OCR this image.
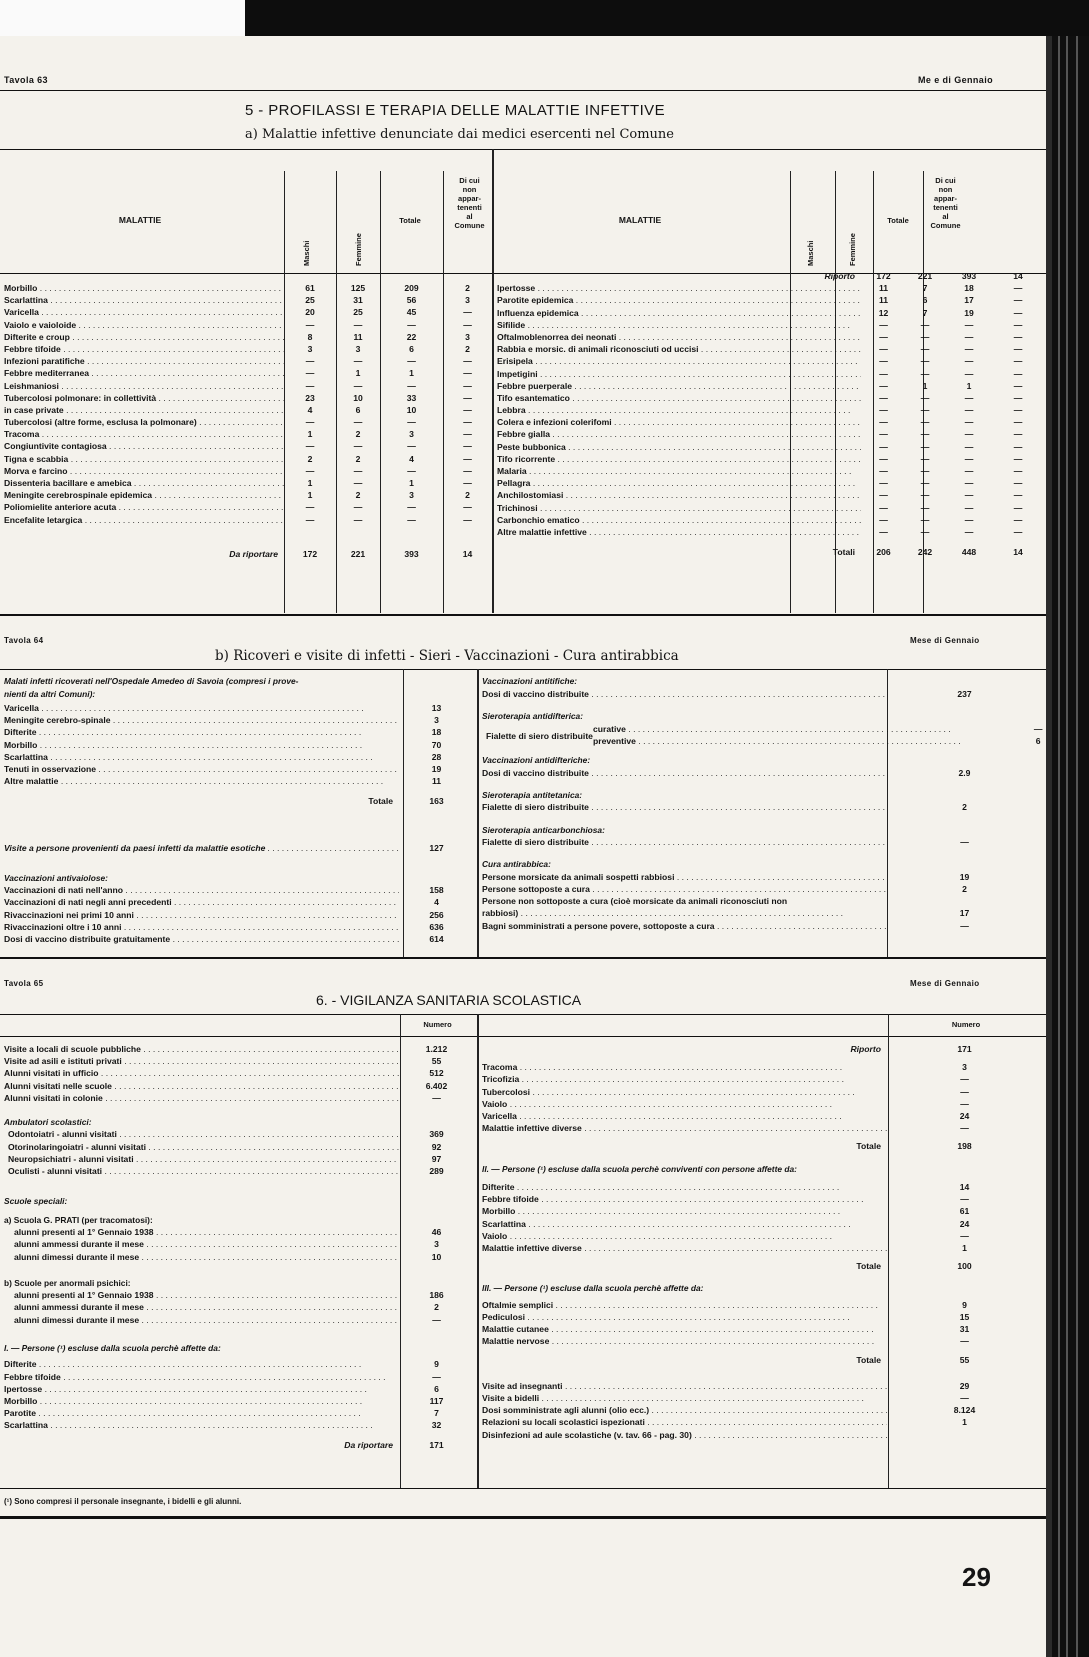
Tavola 63	Me e di Gennaio
5 - PROFILASSI E TERAPIA DELLE MALATTIE INFETTIVE
a) Malattie infettive denunciate dai medici esercenti nel Comune
MALATTIE
Maschi	Femmine
Totale
Di cui
non
appar-
tenenti
al
Comune
MALATTIE
Maschi	Femmine
Totale
Di cui
non
appar-
tenenti
al
Comune
Morbillo . . .	61	125	209	2
Scarlattina . . .	25	31	56	3
Varicella . . .	20	25	45	—
Vaiolo e vaioloide . . .	—	—	—	—
Difterite e croup . . .	8	11	22	3
Febbre tifoide . . .	3	3	6	2
Infezioni paratifiche . . .	—	—	—	—
Febbre mediterranea . . .	—	1	1	—
Leishmaniosi . . .	—	—	—	—
Tubercolosi polmonare: in collettività . . .	23	10	33	—
in case private . . .	4	6	10	—
Tubercolosi (altre forme, esclusa la polmonare) . . .	—	—	—	—
Tracoma . . .	1	2	3	—
Congiuntivite contagiosa . . .	—	—	—	—
Tigna e scabbia . . .	2	2	4	—
Morva e farcino . . .	—	—	—	—
Dissenteria bacillare e amebica . . .	1	—	1	—
Meningite cerebrospinale epidemica . . .	1	2	3	2
Poliomielite anteriore acuta . . .	—	—	—	—
Encefalite letargica . . .	—	—	—	—
Da riportare	172	221	393	14
Riporto	172	221	393	14
Ipertosse . . .	11	7	18	—
Parotite epidemica . . .	11	6	17	—
Influenza epidemica . . .	12	7	19	—
Sifilide . . .	—	—	—	—
Oftalmoblenorrea dei neonati . . .	—	—	—	—
Rabbia e morsic. di animali riconosciuti od uccisi . . .	—	—	—	—
Erisipela . . .	—	—	—	—
Impetigini . . .	—	—	—	—
Febbre puerperale . . .	—	1	1	—
Tifo esantematico . . .	—	—	—	—
Lebbra . . .	—	—	—	—
Colera e infezioni colerifomi . . .	—	—	—	—
Febbre gialla . . .	—	—	—	—
Peste bubbonica . . .	—	—	—	—
Tifo ricorrente . . .	—	—	—	—
Malaria . . .	—	—	—	—
Pellagra . . .	—	—	—	—
Anchilostomiasi . . .	—	—	—	—
Trichinosi . . .	—	—	—	—
Carbonchio ematico . . .	—	—	—	—
Altre malattie infettive . . .	—	—	—	—
Totali	206	242	448	14
Tavola 64	Mese di Gennaio
b) Ricoveri e visite di infetti - Sieri - Vaccinazioni - Cura antirabbica
Malati infetti ricoverati nell'Ospedale Amedeo di Savoia (compresi i prove-
nienti da altri Comuni):
Varicella . . .	13
Meningite cerebro-spinale . . .	3
Difterite . . .	18
Morbillo . . .	70
Scarlattina . . .	28
Tenuti in osservazione . . .	19
Altre malattie . . .	11
Totale	163
Visite a persone provenienti da paesi infetti da malattie esotiche . . .	127
Vaccinazioni antivaiolose:
Vaccinazioni di nati nell'anno . . .	158
Vaccinazioni di nati negli anni precedenti . . .	4
Rivaccinazioni nei primi 10 anni . . .	256
Rivaccinazioni oltre i 10 anni . . .	636
Dosi di vaccino distribuite gratuitamente . . .	614
Vaccinazioni antitifiche:
Dosi di vaccino distribuite . . .	237
Sieroterapia antidifterica:
Fialette di siero distribuite
curative . . .	—
preventive . . .	6
Vaccinazioni antidifteriche:
Dosi di vaccino distribuite . . .	2.9
Sieroterapia antitetanica:
Fialette di siero distribuite . . .	2
Sieroterapia anticarbonchiosa:
Fialette di siero distribuite . . .	—
Cura antirabbica:
Persone morsicate da animali sospetti rabbiosi . . .	19
Persone sottoposte a cura . . .	2
Persone non sottoposte a cura (cioè morsicate da animali riconosciuti non
rabbiosi) . . .	17
Bagni somministrati a persone povere, sottoposte a cura . . .	—
Tavola 65	Mese di Gennaio
6. - VIGILANZA SANITARIA SCOLASTICA
Numero	Numero
Visite a locali di scuole pubbliche . . .	1.212
Visite ad asili e istituti privati . . .	55
Alunni visitati in ufficio . . .	512
Alunni visitati nelle scuole . . .	6.402
Alunni visitati in colonie . . .	—
Ambulatori scolastici:
Odontoiatri - alunni visitati . . .	369
Otorinolaringoiatri - alunni visitati . . .	92
Neuropsichiatri - alunni visitati . . .	97
Oculisti - alunni visitati . . .	289
Scuole speciali:
a) Scuola G. PRATI (per tracomatosi):
alunni presenti al 1° Gennaio 1938 . . .	46
alunni ammessi durante il mese . . .	3
alunni dimessi durante il mese . . .	10
b) Scuole per anormali psichici:
alunni presenti al 1° Gennaio 1938 . . .	186
alunni ammessi durante il mese . . .	2
alunni dimessi durante il mese . . .	—
I. — Persone (¹) escluse dalla scuola perchè affette da:
Difterite . . .	9
Febbre tifoide . . .	—
Ipertosse . . .	6
Morbillo . . .	117
Parotite . . .	7
Scarlattina . . .	32
Da riportare	171
Riporto	171
Tracoma . . .	3
Tricofizia . . .	—
Tubercolosi . . .	—
Vaiolo . . .	—
Varicella . . .	24
Malattie infettive diverse . . .	—
Totale	198
II. — Persone (¹) escluse dalla scuola perchè conviventi con persone affette da:
Difterite . . .	14
Febbre tifoide . . .	—
Morbillo . . .	61
Scarlattina . . .	24
Vaiolo . . .	—
Malattie infettive diverse . . .	1
Totale	100
III. — Persone (¹) escluse dalla scuola perchè affette da:
Oftalmie semplici . . .	9
Pediculosi . . .	15
Malattie cutanee . . .	31
Malattie nervose . . .	—
Totale	55
Visite ad insegnanti . . .	29
Visite a bidelli . . .	—
Dosi somministrate agli alunni (olio ecc.) . . .	8.124
Relazioni su locali scolastici ispezionati . . .	1
Disinfezioni ad aule scolastiche (v. tav. 66 - pag. 30) . . .
(¹) Sono compresi il personale insegnante, i bidelli e gli alunni.
29
